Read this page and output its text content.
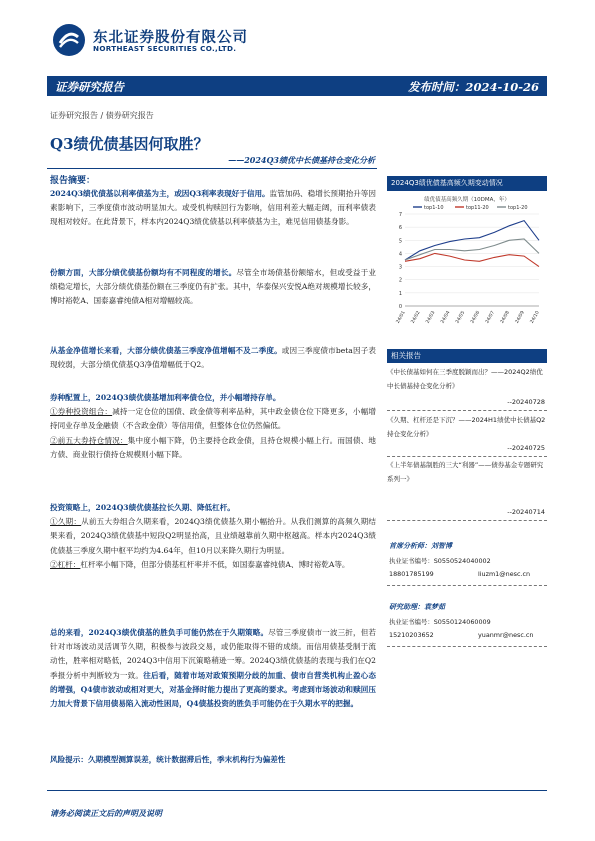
东北证券股份有限公司
NORTHEAST SECURITIES CO.,LTD.
证券研究报告	发布时间：2024-10-26
证券研究报告 / 债券研究报告
Q3绩优债基因何取胜？
——2024Q3绩优中长债基持仓变化分析
报告摘要：

2024Q3绩优债基以利率债基为主，或因Q3利率表现好于信用。监管加码、稳增长预期抬升等因素影响下，三季度债市波动明显加大。或受机构赎回行为影响，信用利差大幅走阔，而利率债表现相对较好。在此背景下，样本内2024Q3绩优债基以利率债基为主，难见信用债基身影。

份额方面，大部分绩优债基份额均有不同程度的增长。尽管全市场债基份额缩水，但或受益于业绩稳定增长，大部分绩优债基份额在三季度仍有扩张。其中，华泰保兴安悦A绝对规模增长较多，博时裕乾A、国泰嘉睿纯债A相对增幅较高。

从基金净值增长来看，大部分绩优债基三季度净值增幅不及二季度。或因三季度债市beta因子表现较弱，大部分绩优债基Q3净值增幅低于Q2。

券种配置上，2024Q3绩优债基增加利率债仓位，并小幅增持存单。

①券种投资组合：减持一定仓位的国债、政金债等利率品种，其中政金债仓位下降更多，小幅增持同业存单及金融债（不含政金债）等信用债，但整体仓位仍然偏低。

②前五大券持仓情况：集中度小幅下降，仍主要持仓政金债，且持仓规模小幅上行。而国债、地方债、商业银行债持仓规模则小幅下降。

投资策略上，2024Q3绩优债基拉长久期、降低杠杆。

①久期：从前五大券组合久期来看，2024Q3绩优债基久期小幅抬升。从我们测算的高频久期结果来看，2024Q3绩优债基中短段Q2明显抬高，且业绩越靠前久期中枢越高。样本内2024Q3绩优债基三季度久期中枢平均约为4.64年，但10月以来降久期行为明显。

②杠杆：杠杆率小幅下降，但部分债基杠杆率并不低，如国泰嘉睿纯债A、博时裕乾A等。

总的来看，2024Q3绩优债基的胜负手可能仍然在于久期策略。尽管三季度债市一波三折，但若针对市场波动灵活调节久期，积极参与波段交易，或仍能取得不错的成绩。而信用债基受制于流动性，胜率相对略低，2024Q3中信用下沉策略稍逊一筹。2024Q3绩优债基的表现与我们在Q2季报分析中判断较为一致。往后看，随着市场对政策预期分歧的加重、债市自营类机构止盈心态的增强，Q4债市波动或相对更大，对基金择时能力提出了更高的要求。考虑到市场波动和赎回压力加大背景下信用债易陷入流动性困局，Q4债基投资的胜负手可能仍在于久期水平的把握。

风险提示：久期模型测算误差，统计数据滞后性，季末机构行为偏差性

2024Q3绩优债基高频久期变动情况
绩优债基高频久期（10DMA，年）
top1-10	top11-20	top1-20
0
1
2
3
4
5
6
7
24/01 24/02 24/03 24/04 24/05 24/06 24/07 24/08 24/09 24/10
相关报告
《中长债基如何在三季度脱颖而出？——2024Q2绩优中长债基持仓变化分析》
--20240728
《久期、杠杆还是下沉？——2024H1绩优中长债基Q2持仓变化分析》
--20240725
《上半年债基制胜的三大“利器”——债券基金专题研究系列一》
--20240714
首席分析师：刘智博
执业证书编号：S0550524040002
18801785199	liuzm1@nesc.cn
研究助理：袁梦茹
执业证书编号：S0550124060009
15210203652	yuanmr@nesc.cn
请务必阅读正文后的声明及说明
